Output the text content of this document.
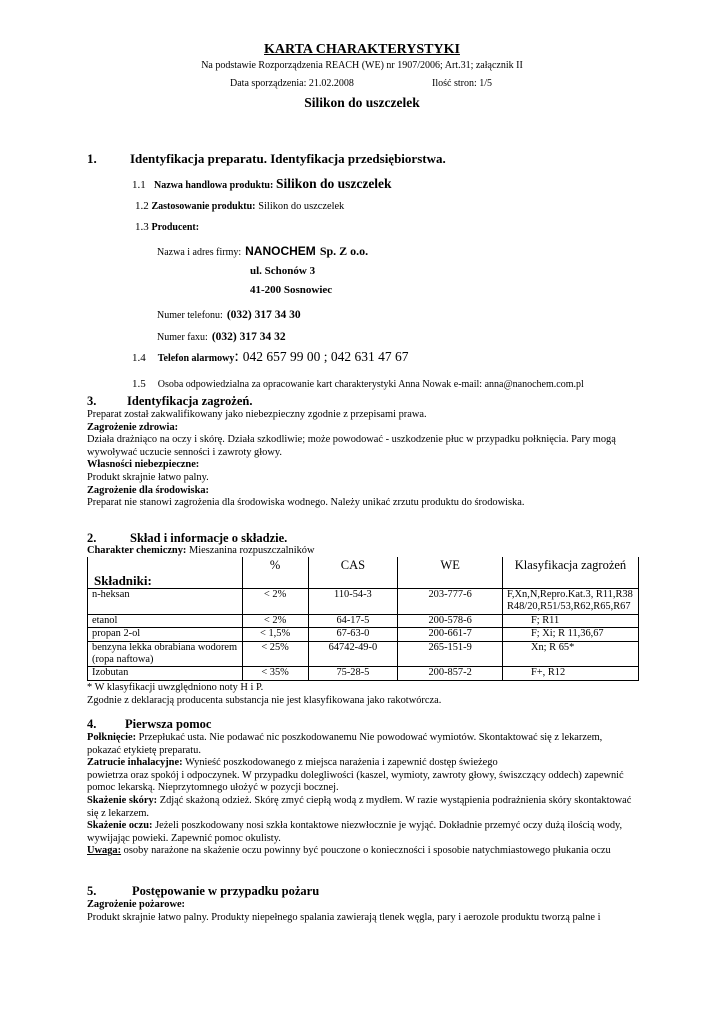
KARTA CHARAKTERYSTYKI
Na podstawie Rozporządzenia REACH (WE) nr 1907/2006; Art.31; załącznik II
Data sporządzenia: 21.02.2008	Ilość stron: 1/5
Silikon do uszczelek
1.	Identyfikacja preparatu. Identyfikacja przedsiębiorstwa.
1.1 Nazwa handlowa produktu: Silikon do uszczelek
1.2 Zastosowanie produktu: Silikon do uszczelek
1.3 Producent:
Nazwa i adres firmy: NANOCHEM Sp. Z o.o.
ul. Schonów 3
41-200 Sosnowiec
Numer telefonu: (032) 317 34 30
Numer faxu: (032) 317 34 32
1.4 Telefon alarmowy: 042 657 99 00 ; 042 631 47 67
1.5 Osoba odpowiedzialna za opracowanie kart charakterystyki Anna Nowak e-mail: anna@nanochem.com.pl
3. Identyfikacja zagrożeń.
Preparat został zakwalifikowany jako niebezpieczny zgodnie z przepisami prawa.
Zagrożenie zdrowia:
Działa drażniąco na oczy i skórę. Działa szkodliwie; może powodować - uszkodzenie płuc w przypadku połknięcia. Pary mogą wywoływać uczucie senności i zawroty głowy.
Własności niebezpieczne:
Produkt skrajnie łatwo palny.
Zagrożenie dla środowiska:
Preparat nie stanowi zagrożenia dla środowiska wodnego. Należy unikać zrzutu produktu do środowiska.
2.	Skład i informacje o składzie.
Charakter chemiczny: Mieszanina rozpuszczalników
Składniki:	%	CAS	WE	Klasyfikacja zagrożeń
n-heksan	< 2%	110-54-3	203-777-6	F,Xn,N,Repro.Kat.3, R11,R38 R48/20,R51/53,R62,R65,R67
etanol	< 2%	64-17-5	200-578-6	F; R11
propan 2-ol	< 1,5%	67-63-0	200-661-7	F; Xi; R 11,36,67
benzyna lekka obrabiana wodorem (ropa naftowa)	< 25%	64742-49-0	265-151-9	Xn; R 65*
Izobutan	< 35%	75-28-5	200-857-2	F+, R12
* W klasyfikacji uwzględniono noty H i P.
Zgodnie z deklaracją producenta substancja nie jest klasyfikowana jako rakotwórcza.
4. Pierwsza pomoc
Połknięcie: Przepłukać usta. Nie podawać nic poszkodowanemu Nie powodować wymiotów. Skontaktować się z lekarzem, pokazać etykietę preparatu.
Zatrucie inhalacyjne: Wynieść poszkodowanego z miejsca narażenia i zapewnić dostęp świeżego
powietrza oraz spokój i odpoczynek. W przypadku dolegliwości (kaszel, wymioty, zawroty głowy, świszczący oddech) zapewnić pomoc lekarską. Nieprzytomnego ułożyć w pozycji bocznej.
Skażenie skóry: Zdjąć skażoną odzież. Skórę zmyć ciepłą wodą z mydłem. W razie wystąpienia podrażnienia skóry skontaktować się z lekarzem.
Skażenie oczu: Jeżeli poszkodowany nosi szkła kontaktowe niezwłocznie je wyjąć. Dokładnie przemyć oczy dużą ilością wody, wywijając powieki. Zapewnić pomoc okulisty.
Uwaga: osoby narażone na skażenie oczu powinny być pouczone o konieczności i sposobie natychmiastowego płukania oczu
5.	Postępowanie w przypadku pożaru
Zagrożenie pożarowe:
Produkt skrajnie łatwo palny. Produkty niepełnego spalania zawierają tlenek węgla, pary i aerozole produktu tworzą palne i
